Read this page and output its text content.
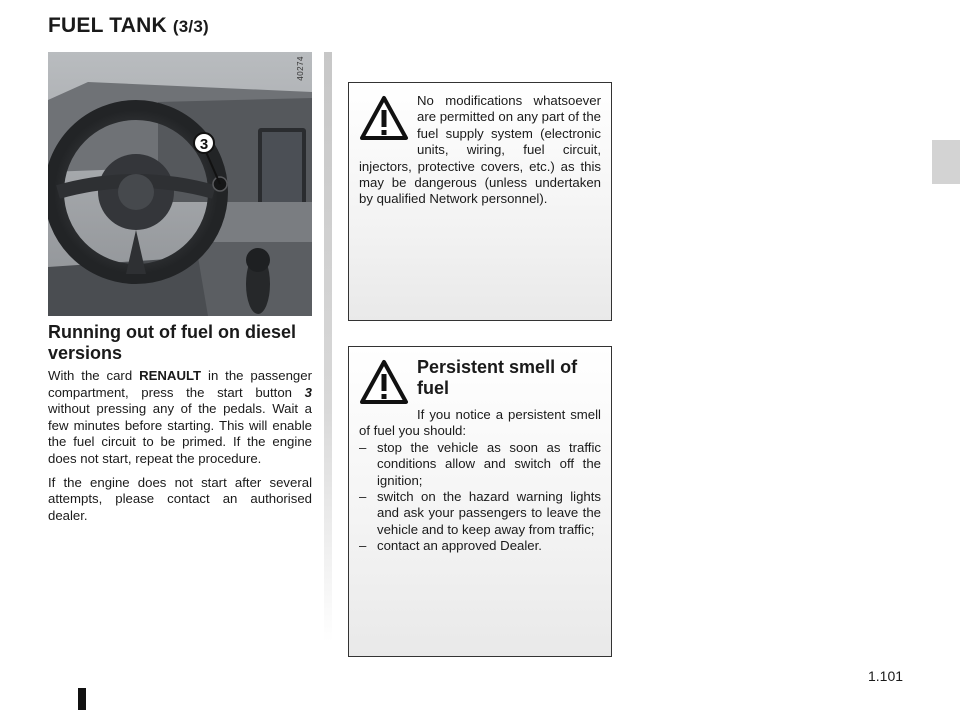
FUEL TANK (3/3)
3
40274
Running out of fuel on diesel versions

With the card RENAULT in the passenger compartment, press the start button 3 without pressing any of the pedals. Wait a few minutes before starting. This will enable the fuel circuit to be primed. If the engine does not start, repeat the procedure.

If the engine does not start after several attempts, please contact an authorised dealer.

No modifications whatsoever are permitted on any part of the fuel supply system (electronic units, wiring, fuel circuit, injectors, protective covers, etc.) as this may be dangerous (unless undertaken by qualified Network personnel).
Persistent smell of fuel
If you notice a persistent smell of fuel you should:
– stop the vehicle as soon as traffic conditions allow and switch off the ignition;
– switch on the hazard warning lights and ask your passengers to leave the vehicle and to keep away from traffic;
– contact an approved Dealer.
1.101
